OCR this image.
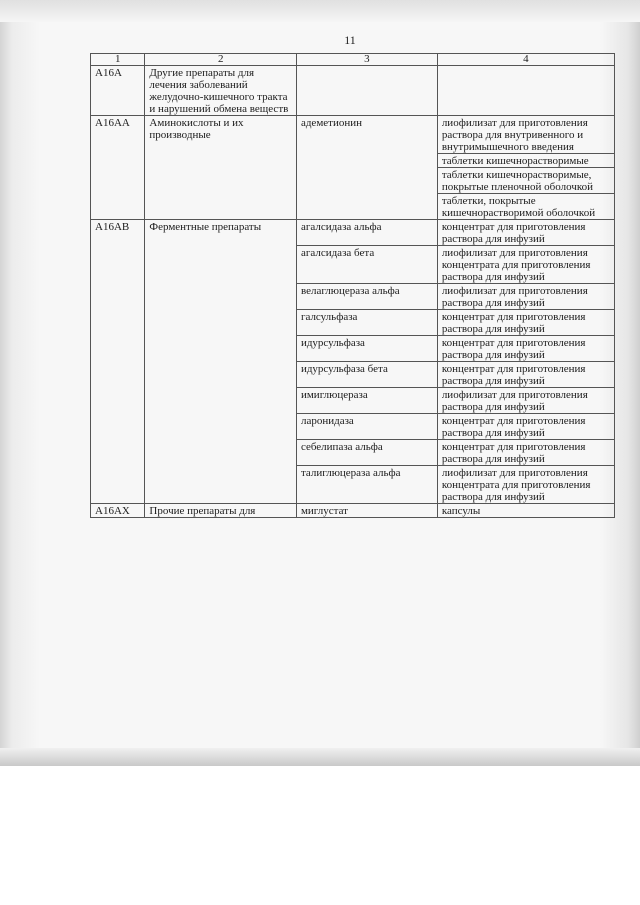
11
1	2	3	4
A16A	Другие препараты для лечения заболеваний желудочно-кишечного тракта и нарушений обмена веществ		
A16AA	Аминокислоты и их производные	адеметионин	лиофилизат для приготовления раствора для внутривенного и внутримышечного введения
			таблетки кишечнорастворимые
			таблетки кишечнорастворимые, покрытые пленочной оболочкой
			таблетки, покрытые кишечнорастворимой оболочкой
A16AB	Ферментные препараты	агалсидаза альфа	концентрат для приготовления раствора для инфузий
		агалсидаза бета	лиофилизат для приготовления концентрата для приготовления раствора для инфузий
		велаглюцераза альфа	лиофилизат для приготовления раствора для инфузий
		галсульфаза	концентрат для приготовления раствора для инфузий
		идурсульфаза	концентрат для приготовления раствора для инфузий
		идурсульфаза бета	концентрат для приготовления раствора для инфузий
		имиглюцераза	лиофилизат для приготовления раствора для инфузий
		ларонидаза	концентрат для приготовления раствора для инфузий
		себелипаза альфа	концентрат для приготовления раствора для инфузий
		талиглюцераза альфа	лиофилизат для приготовления концентрата для приготовления раствора для инфузий
A16AX	Прочие препараты для	миглустат	капсулы
